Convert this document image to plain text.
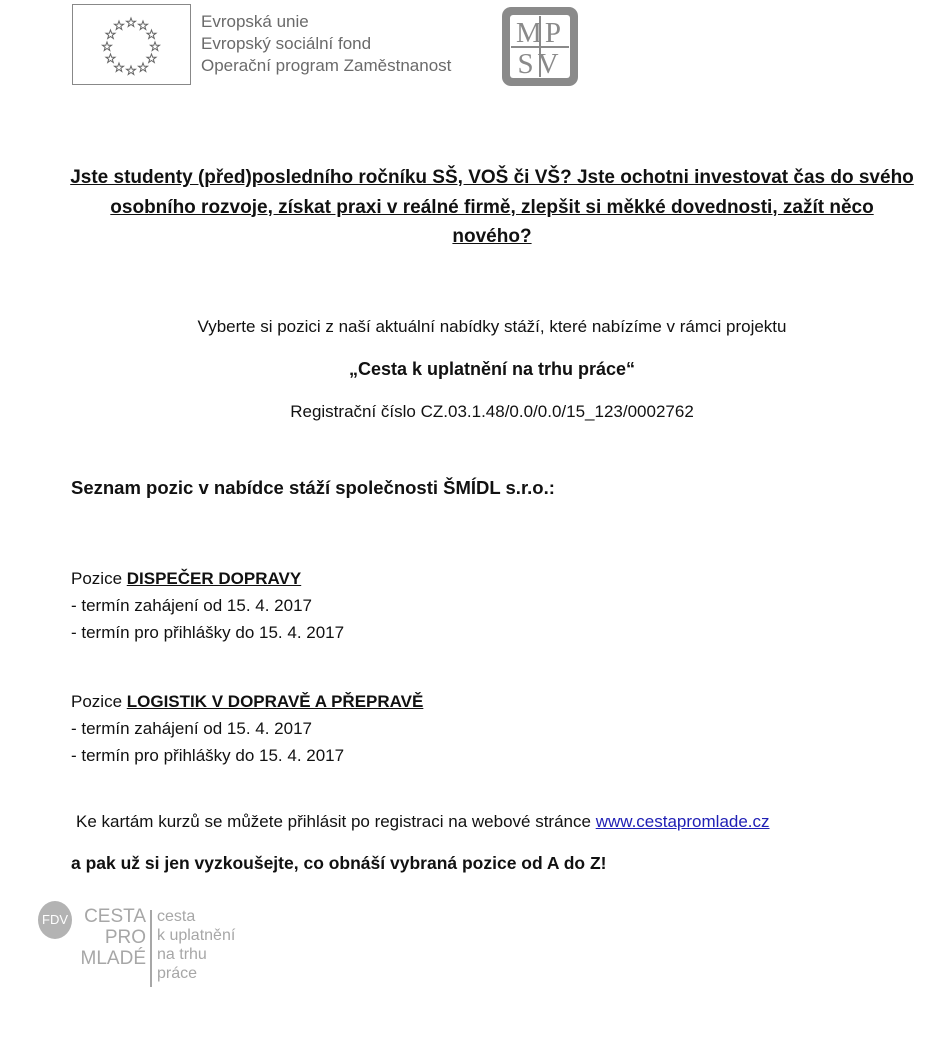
Evropská unie
Evropský sociální fond
Operační program Zaměstnanost
MP
SV
Jste studenty (před)posledního ročníku SŠ, VOŠ či VŠ? Jste ochotni investovat čas do svého
osobního rozvoje, získat praxi v reálné firmě, zlepšit si měkké dovednosti, zažít něco
nového?
Vyberte si pozici z naší aktuální nabídky stáží, které nabízíme v rámci projektu
„Cesta k uplatnění na trhu práce“
Registrační číslo CZ.03.1.48/0.0/0.0/15_123/0002762
Seznam pozic v nabídce stáží společnosti ŠMÍDL s.r.o.:
Pozice DISPEČER DOPRAVY
- termín zahájení od 15. 4. 2017
- termín pro přihlášky do 15. 4. 2017
Pozice LOGISTIK V DOPRAVĚ A PŘEPRAVĚ
- termín zahájení od 15. 4. 2017
- termín pro přihlášky do 15. 4. 2017
Ke kartám kurzů se můžete přihlásit po registraci na webové stránce www.cestapromlade.cz
a pak už si jen vyzkoušejte, co obnáší vybraná pozice od A do Z!
FDV CESTA
PRO
MLADÉ
cesta
k uplatnění
na trhu
práce
